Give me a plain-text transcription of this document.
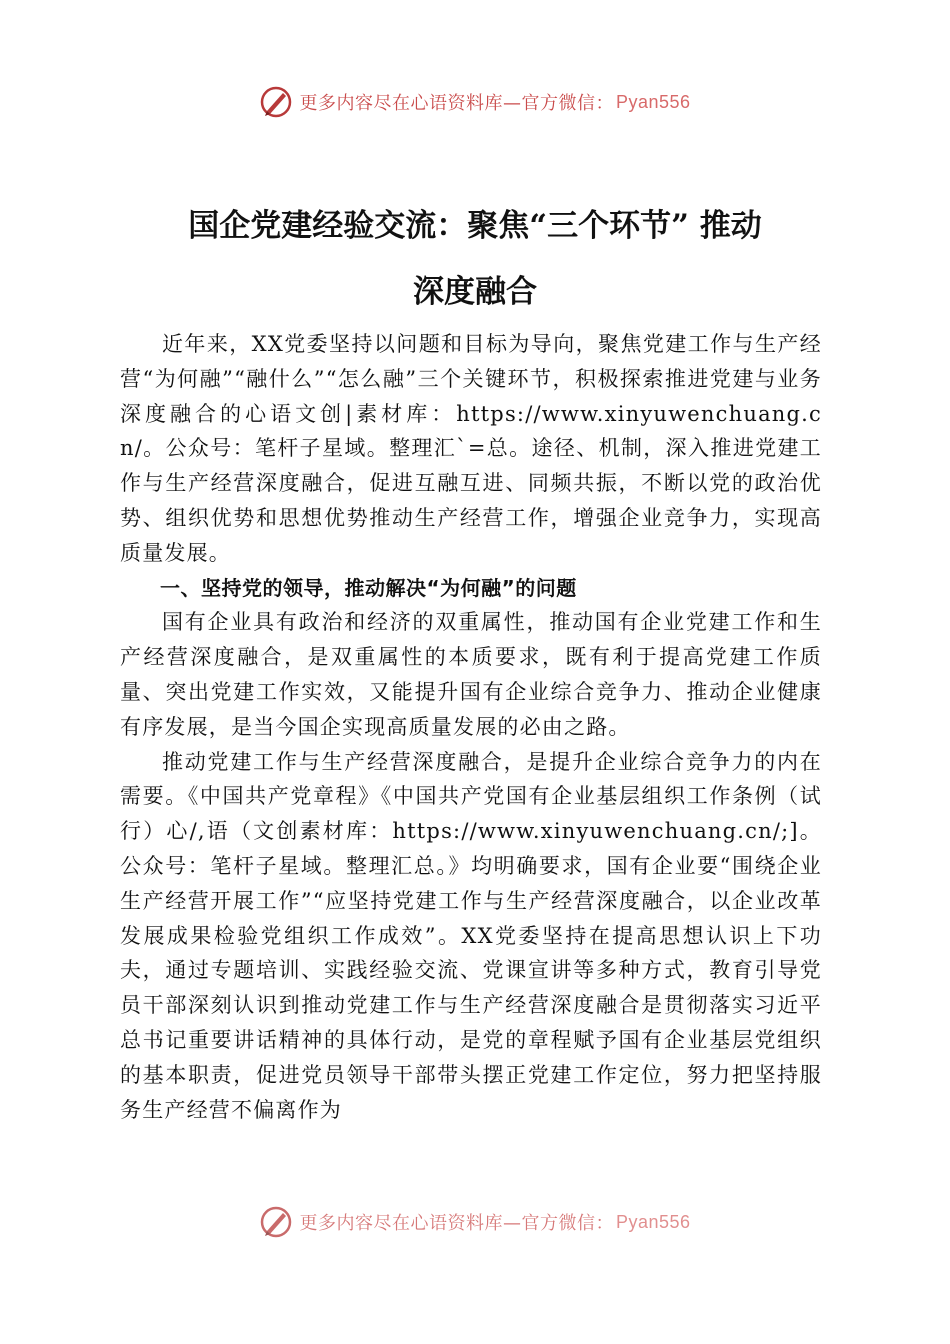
更多内容尽在心语资料库—官方微信： Pyan556
国企党建经验交流：聚焦“三个环节” 推动
深度融合

近年来，XX党委坚持以问题和目标为导向，聚焦党建工作与生产经营“为何融”“融什么”“怎么融”三个关键环节，积极探索推进党建与业务深度融合的心语文创|素材库：https://www.xinyuwenchuang.cn/。公众号：笔杆子星域。整理汇`=总。途径、机制，深入推进党建工作与生产经营深度融合，促进互融互进、同频共振，不断以党的政治优势、组织优势和思想优势推动生产经营工作，增强企业竞争力，实现高质量发展。

一、坚持党的领导，推动解决“为何融”的问题

国有企业具有政治和经济的双重属性，推动国有企业党建工作和生产经营深度融合，是双重属性的本质要求，既有利于提高党建工作质量、突出党建工作实效，又能提升国有企业综合竞争力、推动企业健康有序发展，是当今国企实现高质量发展的必由之路。

推动党建工作与生产经营深度融合，是提升企业综合竞争力的内在需要。《中国共产党章程》《中国共产党国有企业基层组织工作条例（试行）心/,语（文创素材库：https://www.xinyuwenchuang.cn/;]。公众号：笔杆子星域。整理汇总。》均明确要求，国有企业要“围绕企业生产经营开展工作”“应坚持党建工作与生产经营深度融合，以企业改革发展成果检验党组织工作成效”。XX党委坚持在提高思想认识上下功夫，通过专题培训、实践经验交流、党课宣讲等多种方式，教育引导党员干部深刻认识到推动党建工作与生产经营深度融合是贯彻落实习近平总书记重要讲话精神的具体行动，是党的章程赋予国有企业基层党组织的基本职责，促进党员领导干部带头摆正党建工作定位，努力把坚持服务生产经营不偏离作为

更多内容尽在心语资料库—官方微信： Pyan556
